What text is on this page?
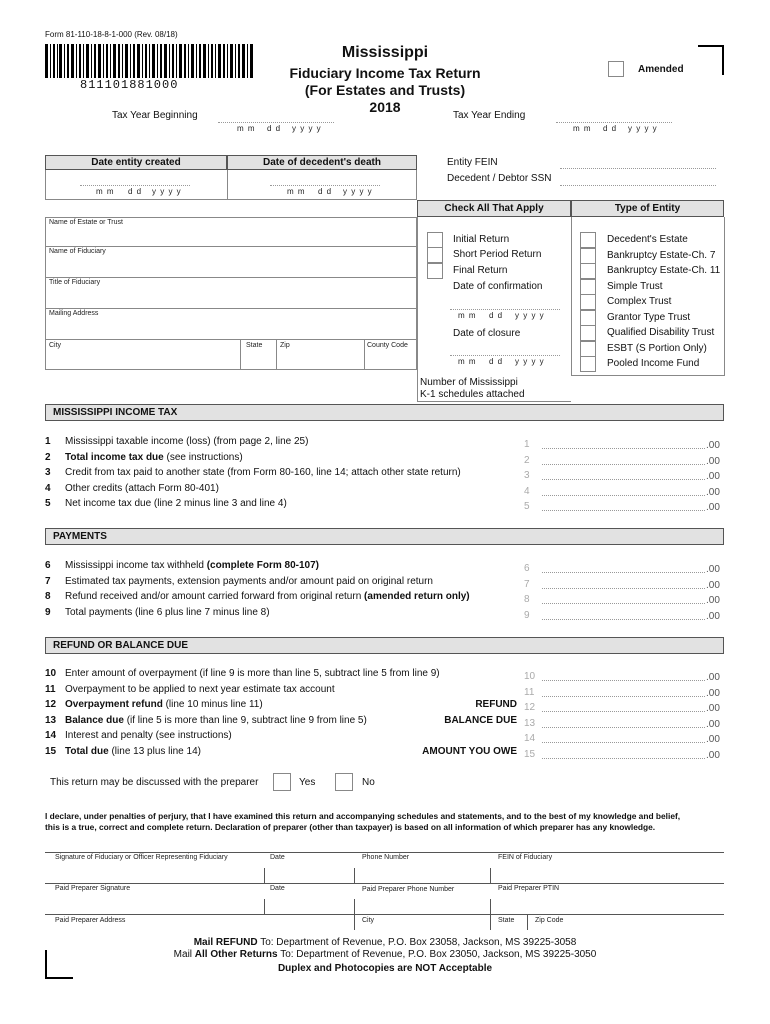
Form 81-110-18-8-1-000 (Rev. 08/18)
811101881000
Mississippi
Fiduciary Income Tax Return
(For Estates and Trusts)
2018
Amended
Tax Year Beginning
m m d d y y y y
Tax Year Ending
m m d d y y y y
Date entity created	Date of decedent's death
m m d d y y y y	m m d d y y y y
Entity FEIN
Decedent / Debtor SSN
Name of Estate or Trust
Name of Fiduciary
Title of Fiduciary
Mailing Address
City	State	Zip	County Code
Check All That Apply	Type of Entity
Initial Return
Short Period Return
Final Return
Date of confirmation
m m d d y y y y
Date of closure
m m d d y y y y
Number of Mississippi
K-1 schedules attached
Decedent's Estate
Bankruptcy Estate-Ch. 7
Bankruptcy Estate-Ch. 11
Simple Trust
Complex Trust
Grantor Type Trust
Qualified Disability Trust
ESBT (S Portion Only)
Pooled Income Fund
MISSISSIPPI INCOME TAX
1 Mississippi taxable income (loss) (from page 2, line 25)	1	.00
2 Total income tax due (see instructions)	2	.00
3 Credit from tax paid to another state (from Form 80-160, line 14; attach other state return)	3	.00
4 Other credits (attach Form 80-401)	4	.00
5 Net income tax due (line 2 minus line 3 and line 4)	5	.00
PAYMENTS
6 Mississippi income tax withheld (complete Form 80-107)	6	.00
7 Estimated tax payments, extension payments and/or amount paid on original return	7	.00
8 Refund received and/or amount carried forward from original return (amended return only)	8	.00
9 Total payments (line 6 plus line 7 minus line 8)	9	.00
REFUND OR BALANCE DUE
10 Enter amount of overpayment (if line 9 is more than line 5, subtract line 5 from line 9)	10	.00
11 Overpayment to be applied to next year estimate tax account	11	.00
12 Overpayment refund (line 10 minus line 11)	REFUND 12	.00
13 Balance due (if line 5 is more than line 9, subtract line 9 from line 5)	BALANCE DUE 13	.00
14 Interest and penalty (see instructions)	14	.00
15 Total due (line 13 plus line 14)	AMOUNT YOU OWE 15	.00
This return may be discussed with the preparer	Yes	No
I declare, under penalties of perjury, that I have examined this return and accompanying schedules and statements, and to the best of my knowledge and belief,
this is a true, correct and complete return. Declaration of preparer (other than taxpayer) is based on all information of which preparer has any knowledge.
Signature of Fiduciary or Officer Representing Fiduciary	Date	Phone Number	FEIN of Fiduciary
Paid Preparer Signature	Date	Paid Preparer Phone Number	Paid Preparer PTIN
Paid Preparer Address	City	State	Zip Code
Mail REFUND To: Department of Revenue, P.O. Box 23058, Jackson, MS 39225-3058
Mail All Other Returns To: Department of Revenue, P.O. Box 23050, Jackson, MS 39225-3050
Duplex and Photocopies are NOT Acceptable
